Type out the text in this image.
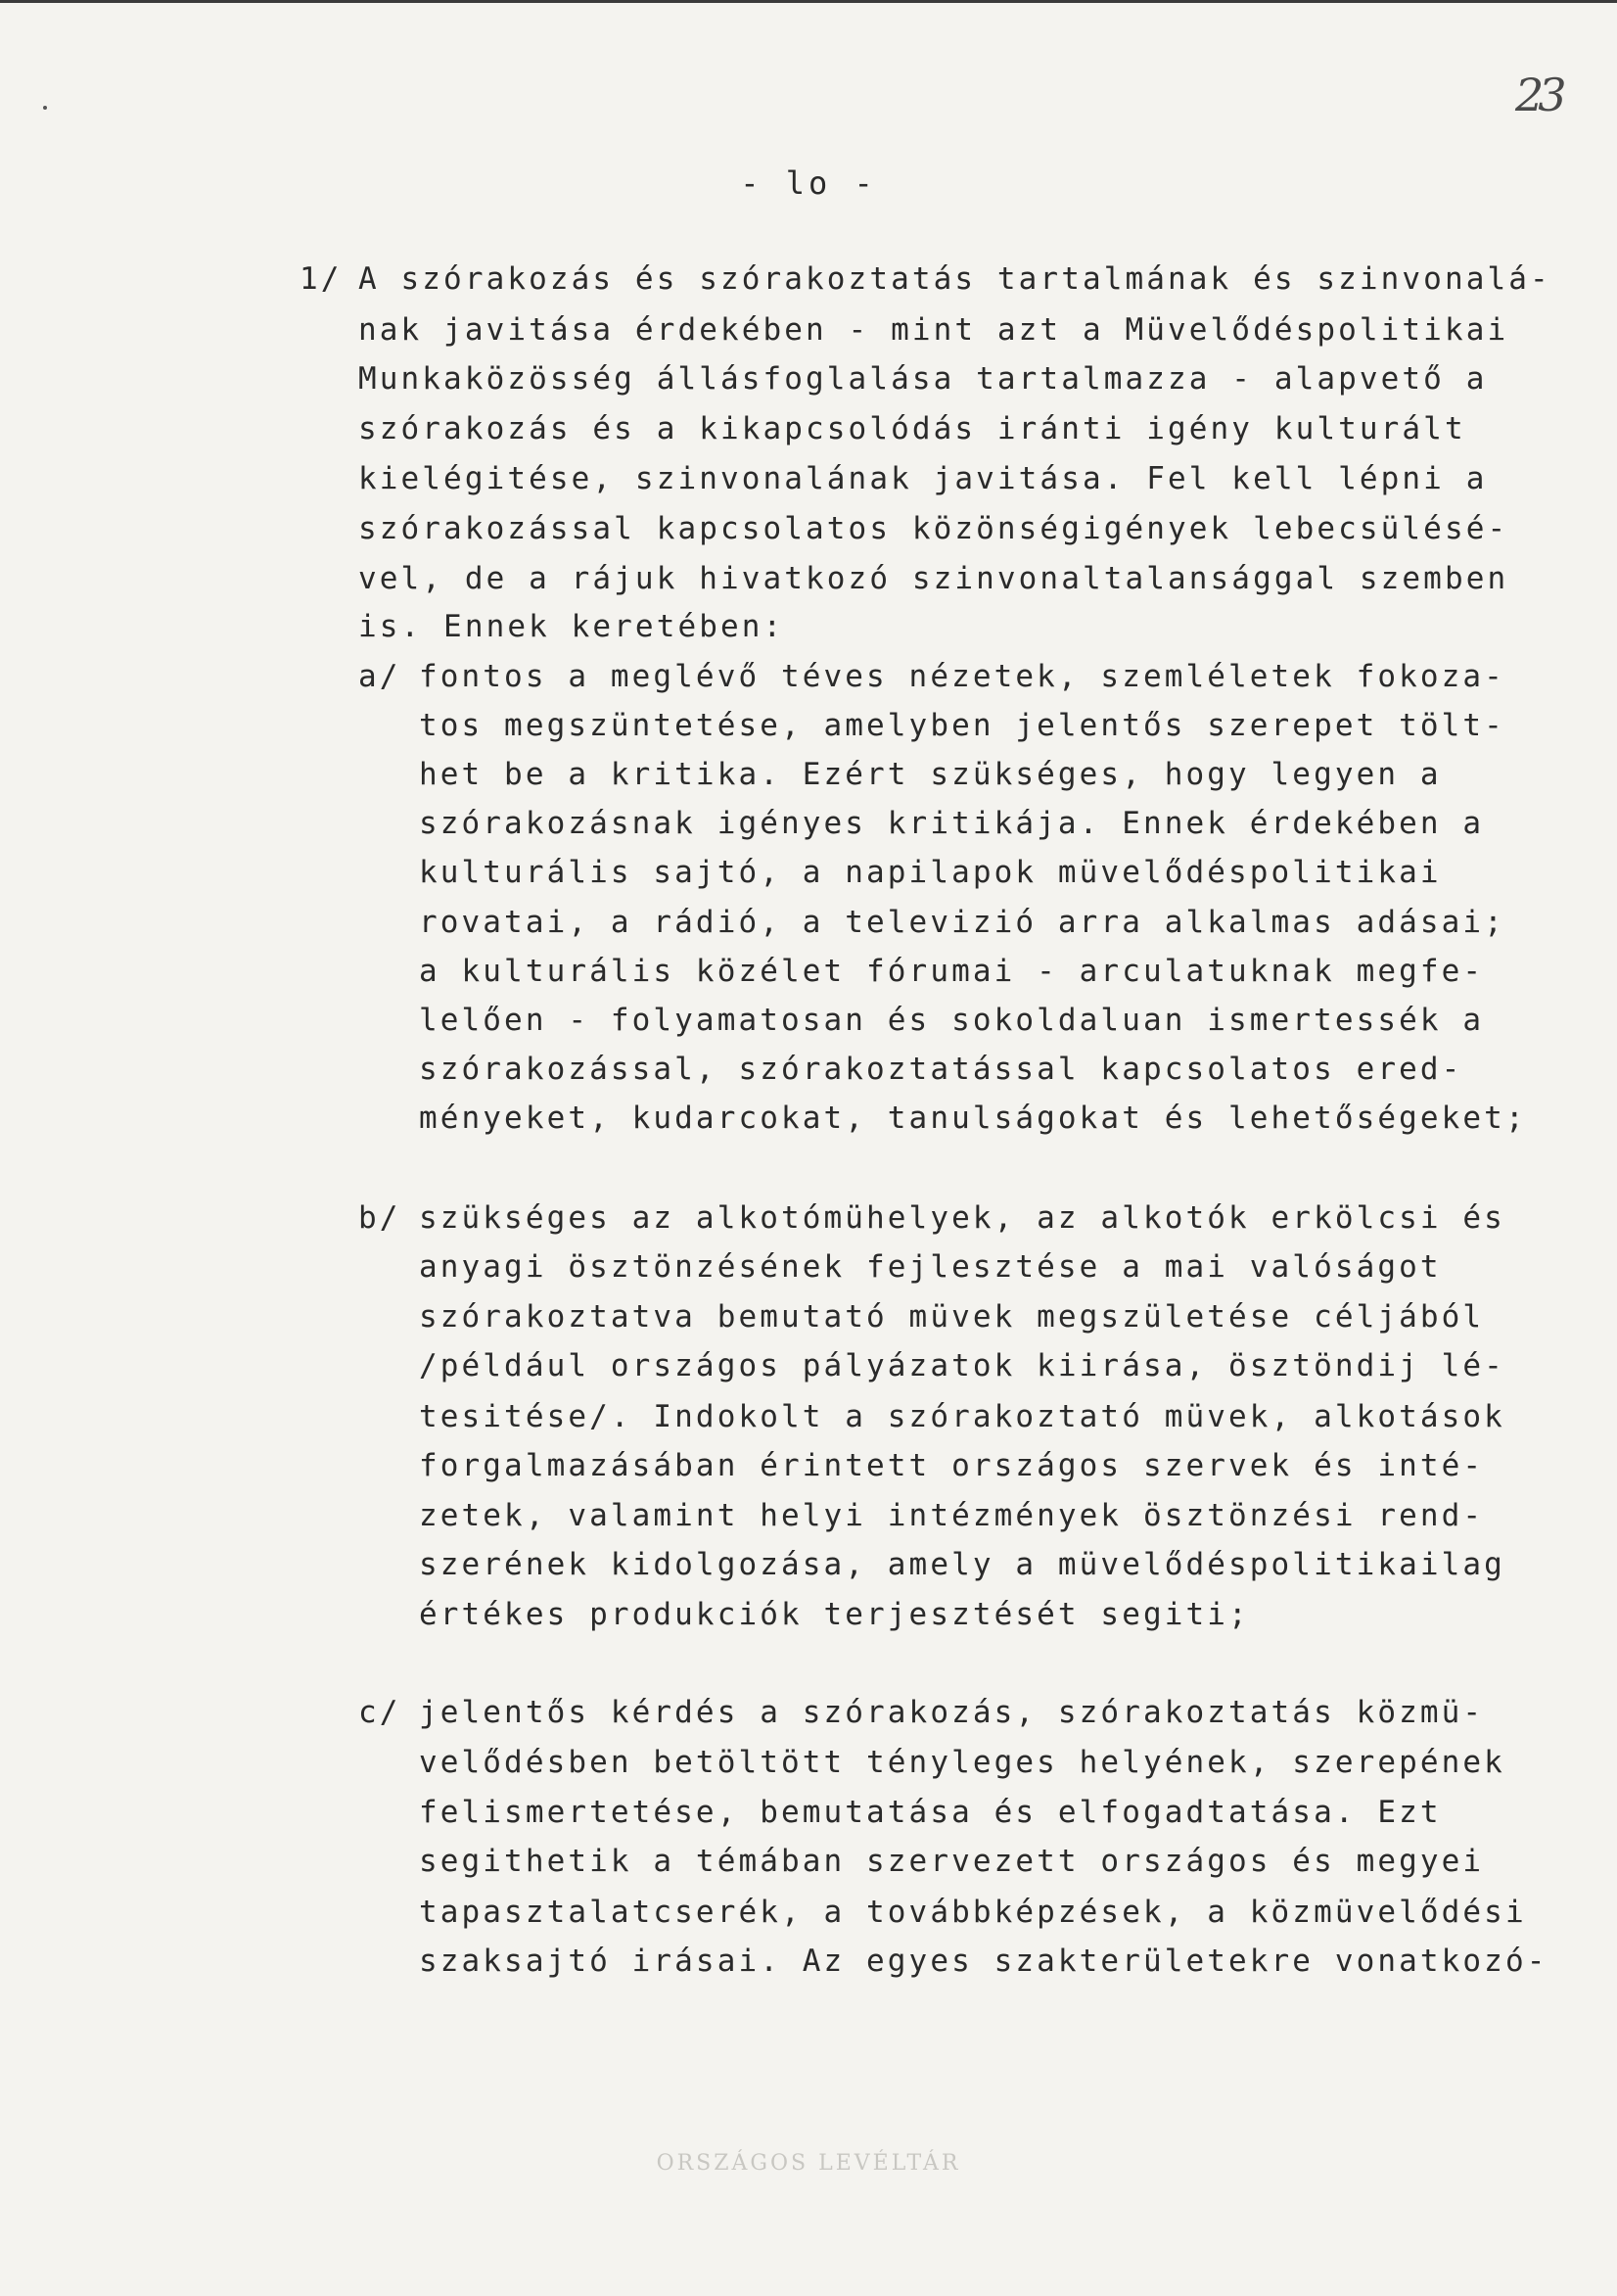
23
- lo -
1/ A szórakozás és szórakoztatás tartalmának és szinvonalá-
nak javitása érdekében - mint azt a Müvelődéspolitikai
Munkaközösség állásfoglalása tartalmazza - alapvető a
szórakozás és a kikapcsolódás iránti igény kulturált
kielégitése, szinvonalának javitása. Fel kell lépni a
szórakozással kapcsolatos közönségigények lebecsülésé-
vel, de a rájuk hivatkozó szinvonaltalansággal szemben
is. Ennek keretében:
a/ fontos a meglévő téves nézetek, szemléletek fokoza-
tos megszüntetése, amelyben jelentős szerepet tölt-
het be a kritika. Ezért szükséges, hogy legyen a
szórakozásnak igényes kritikája. Ennek érdekében a
kulturális sajtó, a napilapok müvelődéspolitikai
rovatai, a rádió, a televizió arra alkalmas adásai;
a kulturális közélet fórumai - arculatuknak megfe-
lelően - folyamatosan és sokoldaluan ismertessék a
szórakozással, szórakoztatással kapcsolatos ered-
ményeket, kudarcokat, tanulságokat és lehetőségeket;
b/ szükséges az alkotómühelyek, az alkotók erkölcsi és
anyagi ösztönzésének fejlesztése a mai valóságot
szórakoztatva bemutató müvek megszületése céljából
/például országos pályázatok kiirása, ösztöndij lé-
tesitése/. Indokolt a szórakoztató müvek, alkotások
forgalmazásában érintett országos szervek és inté-
zetek, valamint helyi intézmények ösztönzési rend-
szerének kidolgozása, amely a müvelődéspolitikailag
értékes produkciók terjesztését segiti;
c/ jelentős kérdés a szórakozás, szórakoztatás közmü-
velődésben betöltött tényleges helyének, szerepének
felismertetése, bemutatása és elfogadtatása. Ezt
segithetik a témában szervezett országos és megyei
tapasztalatcserék, a továbbképzések, a közmüvelődési
szaksajtó irásai. Az egyes szakterületekre vonatkozó-
ORSZÁGOS LEVÉLTÁR
